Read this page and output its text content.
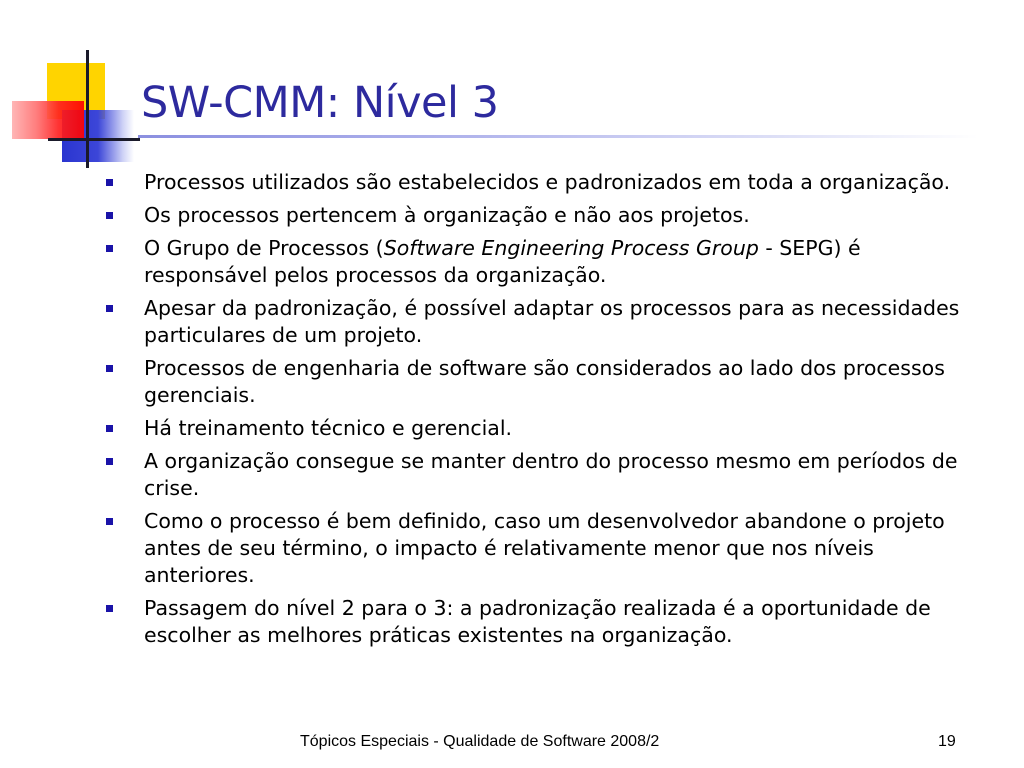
SW-CMM: Nível 3
Processos utilizados são estabelecidos e padronizados em toda a organização.
Os processos pertencem à organização e não aos projetos.
O Grupo de Processos (Software Engineering Process Group - SEPG) é responsável pelos processos da organização.
Apesar da padronização, é possível adaptar os processos para as necessidades particulares de um projeto.
Processos de engenharia de software são considerados ao lado dos processos gerenciais.
Há treinamento técnico e gerencial.
A organização consegue se manter dentro do processo mesmo em períodos de crise.
Como o processo é bem definido, caso um desenvolvedor abandone o projeto antes de seu término, o impacto é relativamente menor que nos níveis anteriores.
Passagem do nível 2 para o 3: a padronização realizada é a oportunidade de escolher as melhores práticas existentes na organização.
Tópicos Especiais - Qualidade de Software 2008/2	19
